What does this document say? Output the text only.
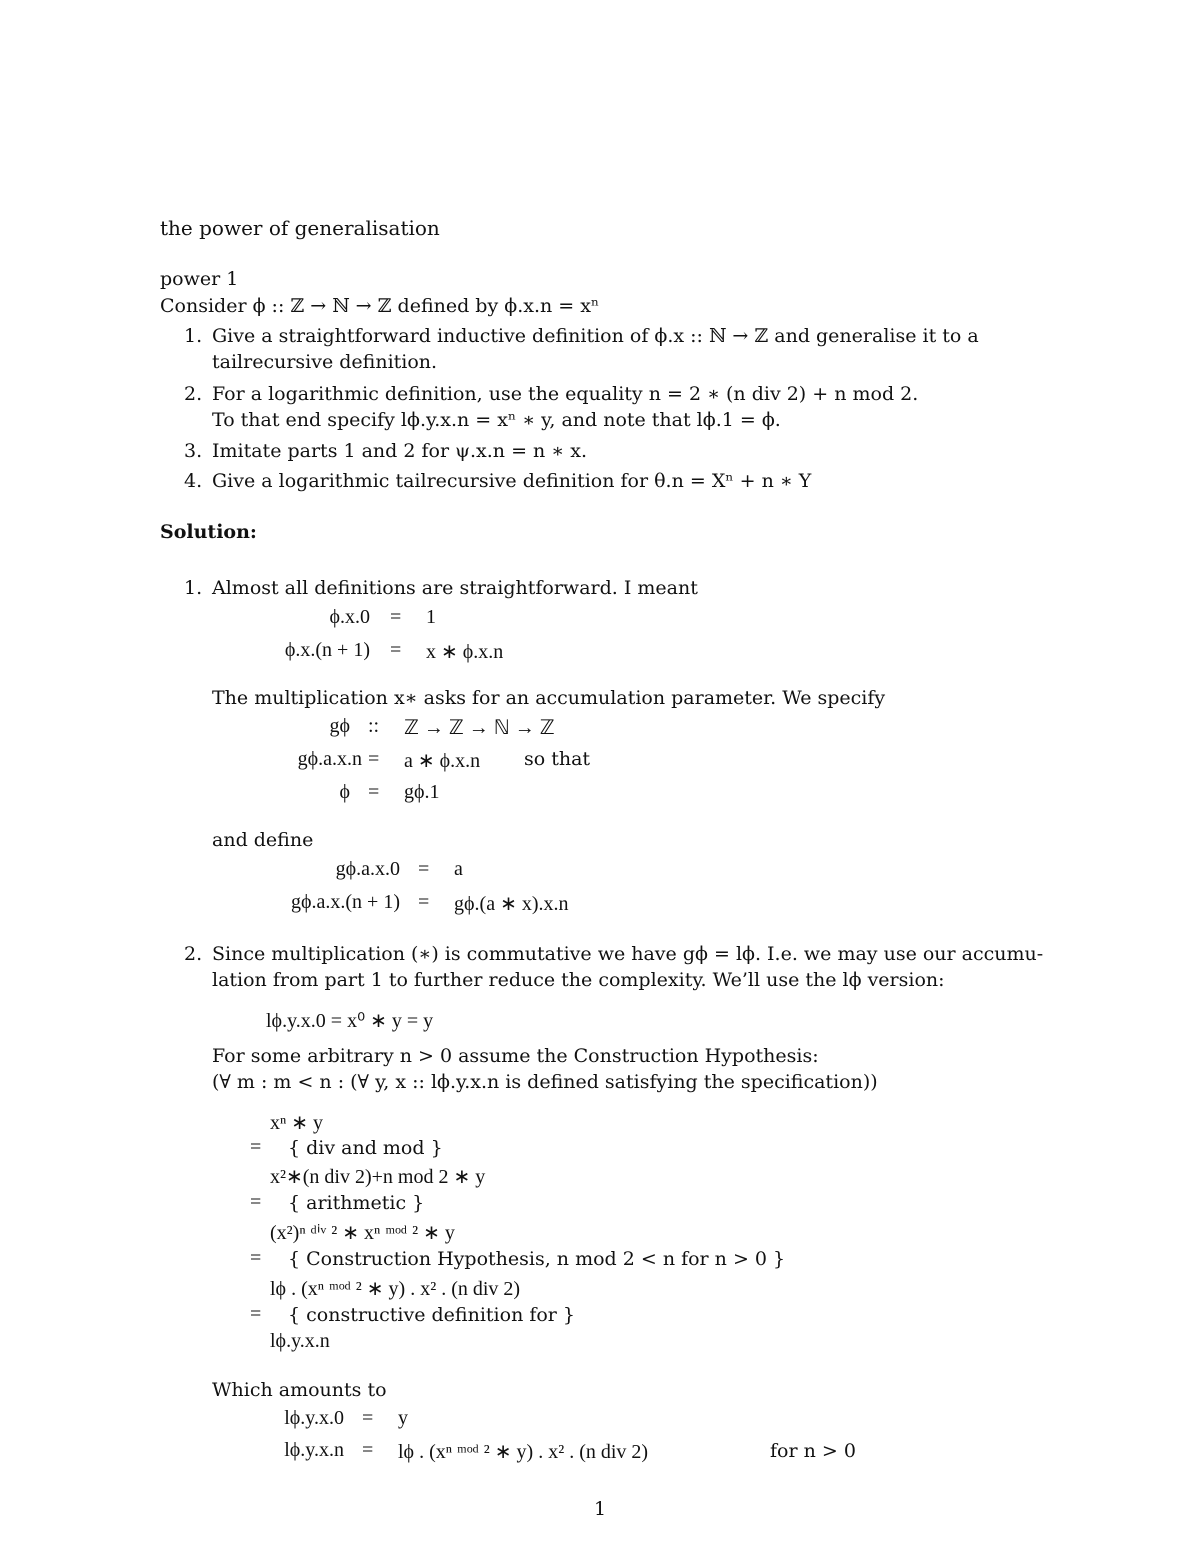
the power of generalisation
power 1
Consider ϕ :: ℤ → ℕ → ℤ defined by ϕ.x.n = xⁿ
1. Give a straightforward inductive definition of ϕ.x :: ℕ → ℤ and generalise it to a
tailrecursive definition.
2. For a logarithmic definition, use the equality n = 2 ∗ (n div 2) + n mod 2.
To that end specify lϕ.y.x.n = xⁿ ∗ y, and note that lϕ.1 = ϕ.
3. Imitate parts 1 and 2 for ψ.x.n = n ∗ x.
4. Give a logarithmic tailrecursive definition for θ.n = Xⁿ + n ∗ Y
Solution:
1. Almost all definitions are straightforward. I meant
ϕ.x.0 = 1
ϕ.x.(n + 1) = x ∗ ϕ.x.n
The multiplication x∗ asks for an accumulation parameter. We specify
gϕ :: ℤ → ℤ → ℕ → ℤ
gϕ.a.x.n = a ∗ ϕ.x.n so that
ϕ = gϕ.1
and define
gϕ.a.x.0 = a
gϕ.a.x.(n + 1) = gϕ.(a ∗ x).x.n
2. Since multiplication (∗) is commutative we have gϕ = lϕ. I.e. we may use our accumu-
lation from part 1 to further reduce the complexity. We’ll use the lϕ version:
lϕ.y.x.0 = x⁰ ∗ y = y
For some arbitrary n > 0 assume the Construction Hypothesis:
(∀ m : m < n : (∀ y, x :: lϕ.y.x.n is defined satisfying the specification))
xⁿ ∗ y
= { div and mod }
x²∗(n div 2)+n mod 2 ∗ y
= { arithmetic }
(x²)ⁿ ᵈⁱᵛ ² ∗ xⁿ ᵐᵒᵈ ² ∗ y
= { Construction Hypothesis, n mod 2 < n for n > 0 }
lϕ . (xⁿ ᵐᵒᵈ ² ∗ y) . x² . (n div 2)
= { constructive definition for }
lϕ.y.x.n
Which amounts to
lϕ.y.x.0 = y
lϕ.y.x.n = lϕ . (xⁿ ᵐᵒᵈ ² ∗ y) . x² . (n div 2)	for n > 0
1
